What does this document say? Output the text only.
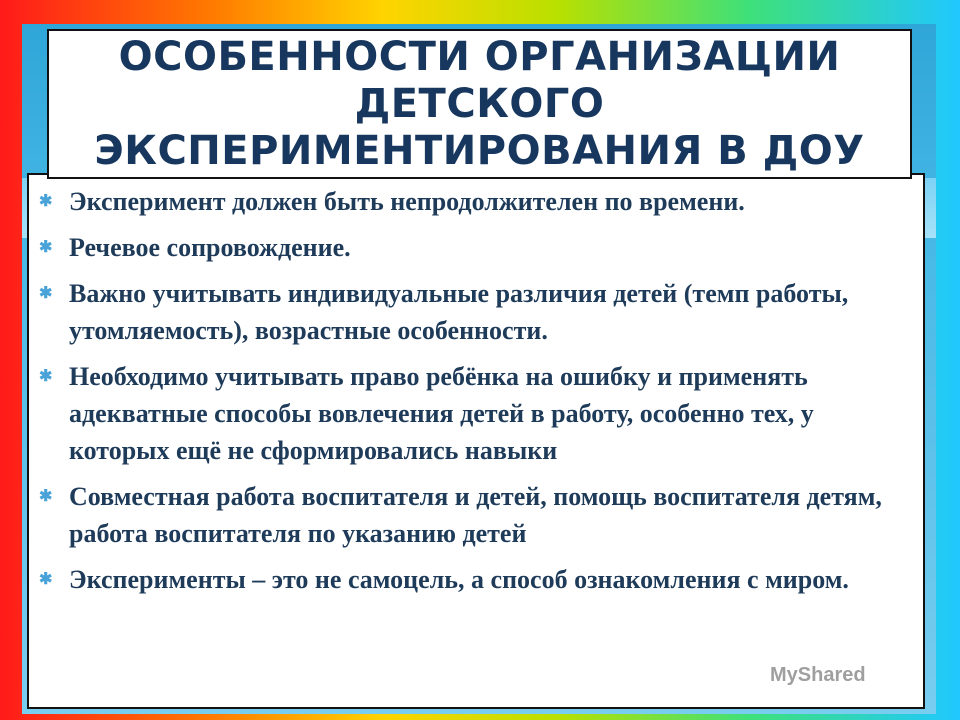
✱ Эксперимент должен быть непродолжителен по времени.
✱ Речевое сопровождение.
✱ Важно учитывать индивидуальные различия детей (темп работы, утомляемость), возрастные особенности.
✱ Необходимо учитывать право ребёнка на ошибку и применять адекватные способы вовлечения детей в работу, особенно тех, у которых ещё не сформировались навыки
✱ Совместная работа воспитателя и детей, помощь воспитателя детям, работа воспитателя по указанию детей
✱ Эксперименты – это не самоцель, а способ ознакомления с миром.
ОСОБЕННОСТИ ОРГАНИЗАЦИИ ДЕТСКОГО ЭКСПЕРИМЕНТИРОВАНИЯ В ДОУ
MyShared
